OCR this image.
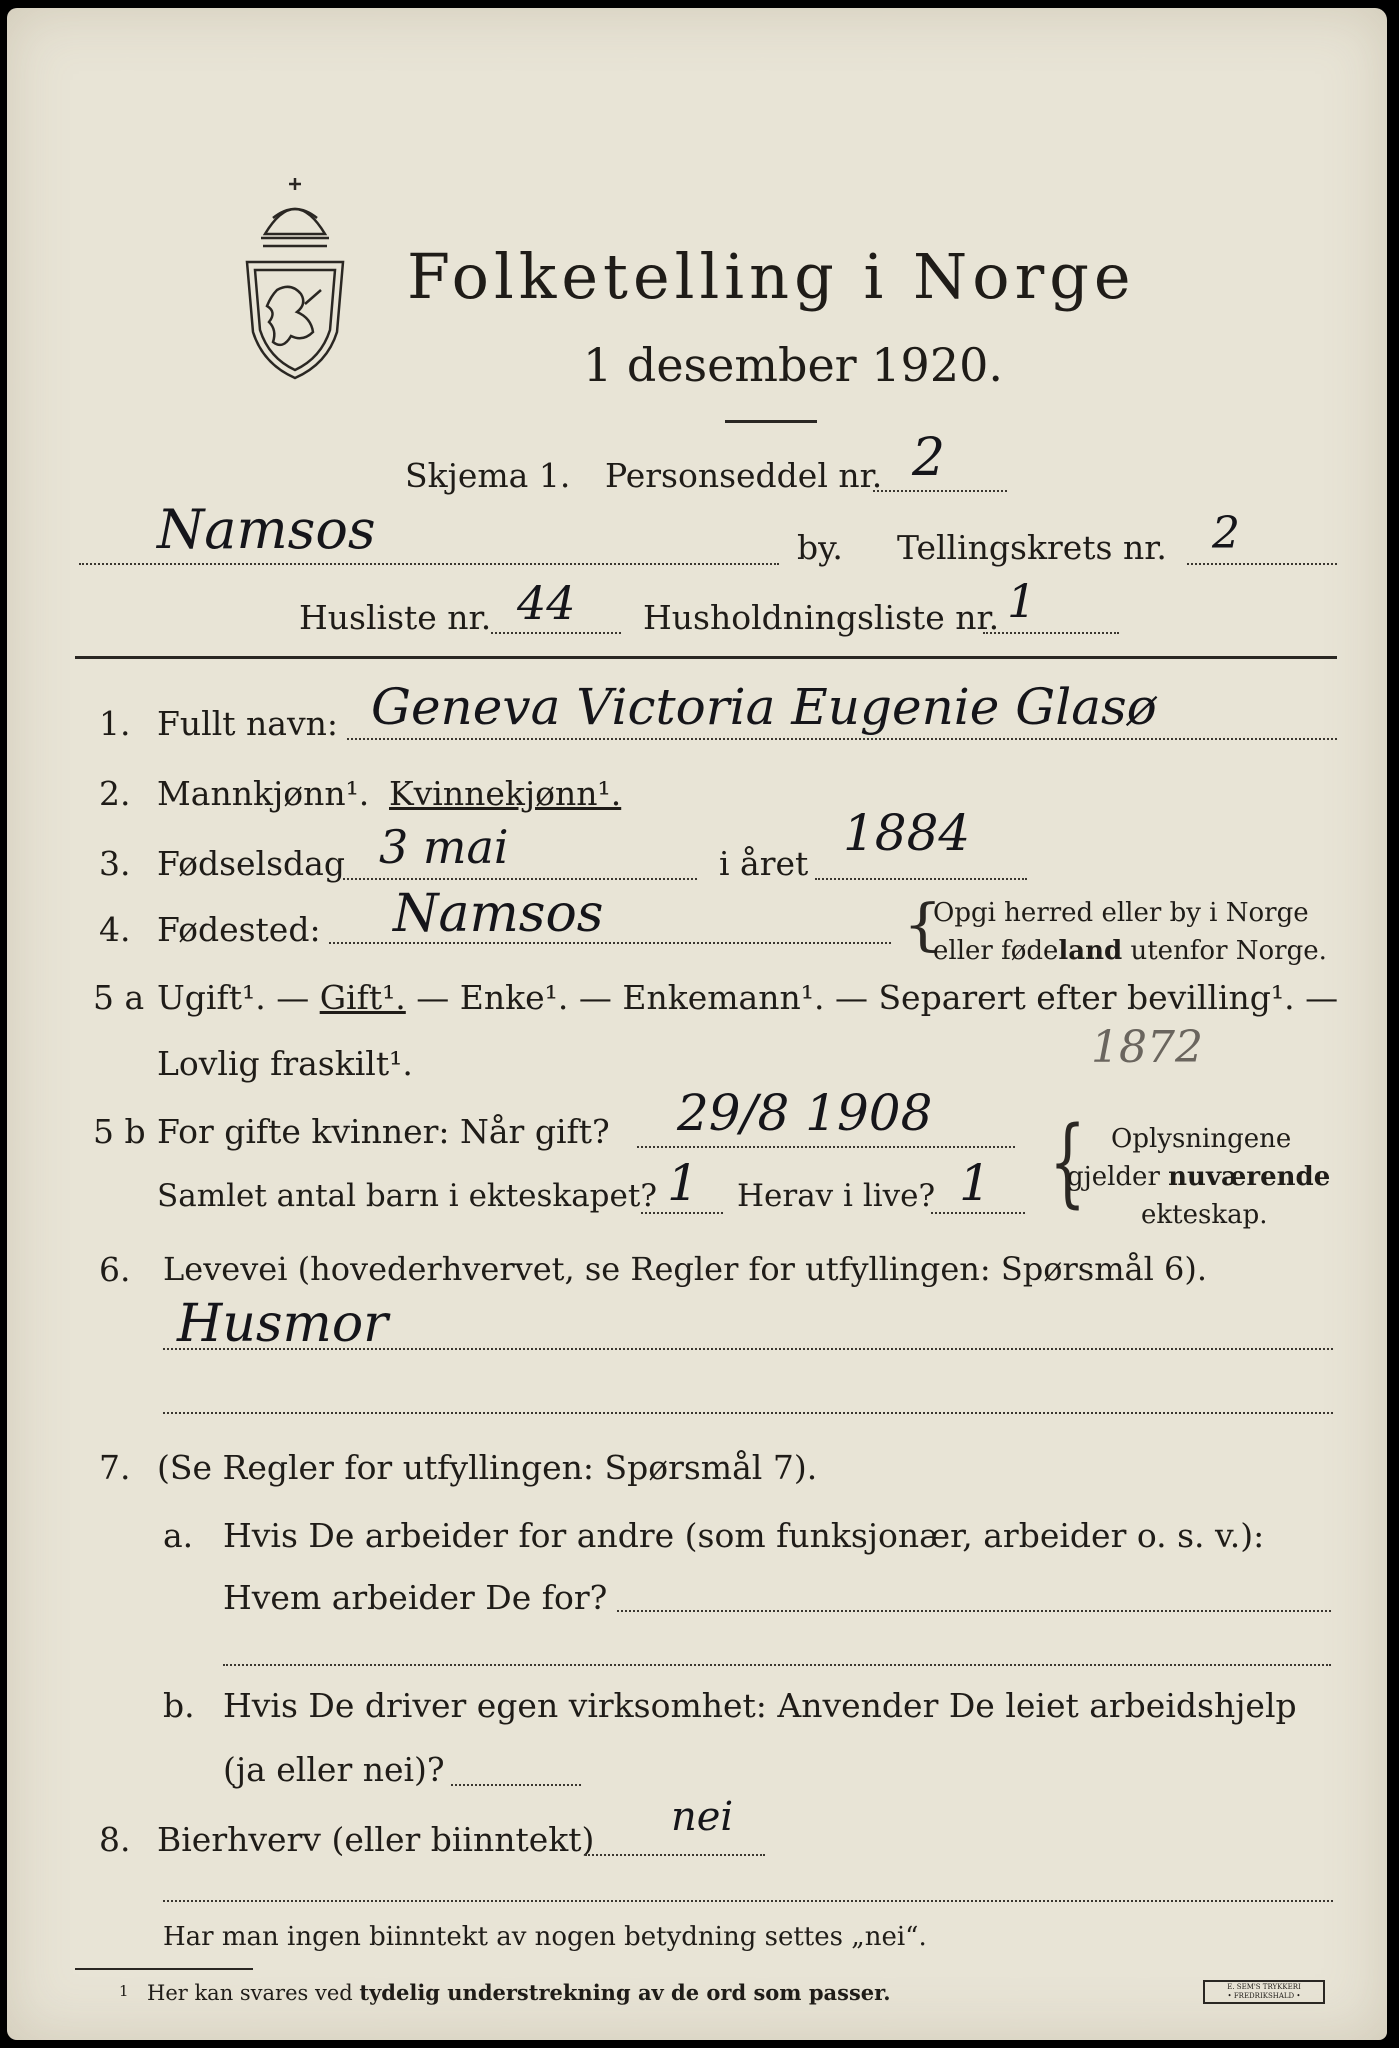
Folketelling i Norge
1 desember 1920.
Skjema 1. Personseddel nr. 2
Namsos	by. Tellingskrets nr. 2
Husliste nr. 44 Husholdningsliste nr. 1
1. Fullt navn: Geneva Victoria Eugenie Glasø
2. Mannkjønn¹. Kvinnekjønn¹.
3. Fødselsdag 3 mai	i året
1884
4. Fødested: Namsos	{
Opgi herred eller by i Norge
eller fødeland utenfor Norge.
5 a Ugift¹. — Gift¹. — Enke¹. — Enkemann¹. — Separert efter bevilling¹. —
Lovlig fraskilt¹.	1872
5 b For gifte kvinner: Når gift? 29/8 1908
Samlet antal barn i ekteskapet? 1 Herav i live? 1 { Oplysningene
gjelder nuværende
ekteskap.
6. Levevei (hovederhvervet, se Regler for utfyllingen: Spørsmål 6).
Husmor
7. (Se Regler for utfyllingen: Spørsmål 7).
a. Hvis De arbeider for andre (som funksjonær, arbeider o. s. v.):
Hvem arbeider De for?
b. Hvis De driver egen virksomhet: Anvender De leiet arbeidshjelp
(ja eller nei)?
8. Bierhverv (eller biinntekt) nei
Har man ingen biinntekt av nogen betydning settes „nei“.
1 Her kan svares ved tydelig understrekning av de ord som passer.	E. SEM'S TRYKKERI
• FREDRIKSHALD •
